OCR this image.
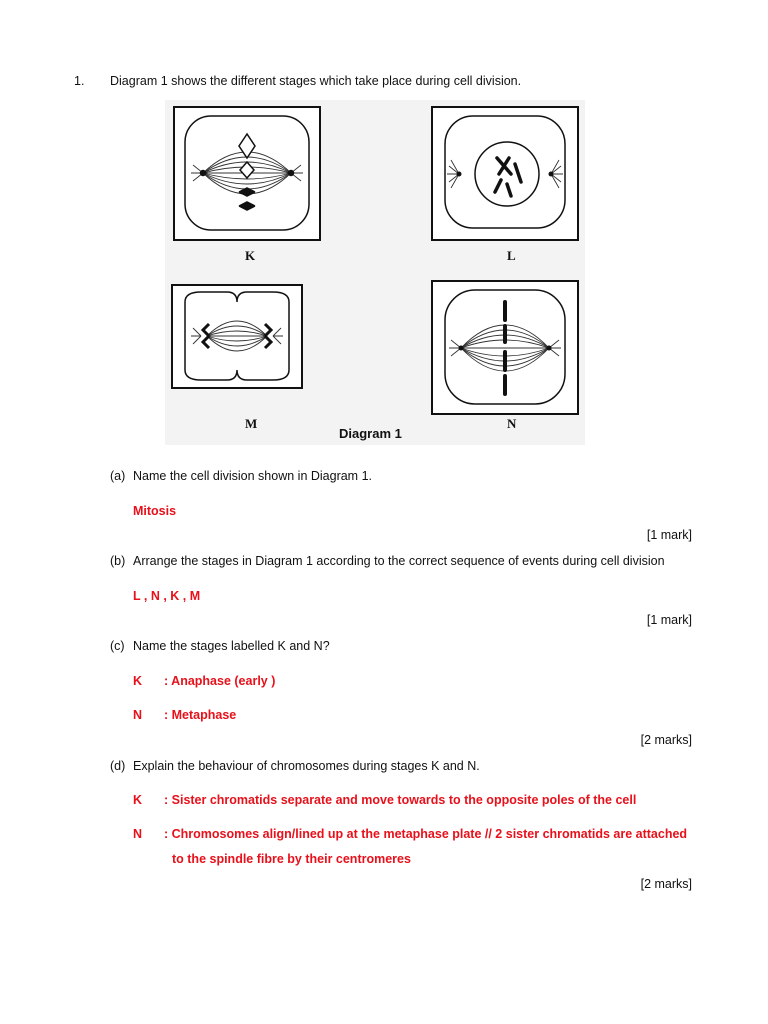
1. Diagram 1 shows the different stages which take place during cell division.
K	L
M	N
Diagram 1
(a) Name the cell division shown in Diagram 1.
Mitosis
[1 mark]
(b) Arrange the stages in Diagram 1 according to the correct sequence of events during cell division
L , N , K , M
[1 mark]
(c) Name the stages labelled K and N?
K : Anaphase (early )
N : Metaphase
[2 marks]
(d) Explain the behaviour of chromosomes during stages K and N.
K : Sister chromatids separate and move towards to the opposite poles of the cell
N : Chromosomes align/lined up at the metaphase plate // 2 sister chromatids are attached
to the spindle fibre by their centromeres
[2 marks]
